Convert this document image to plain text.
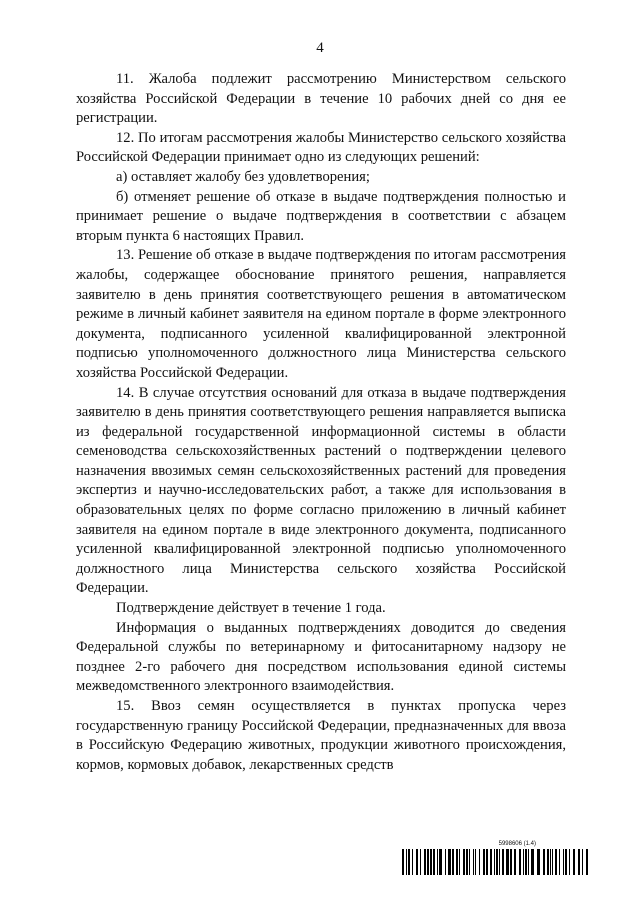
4

11. Жалоба подлежит рассмотрению Министерством сельского хозяйства Российской Федерации в течение 10 рабочих дней со дня ее регистрации.

12. По итогам рассмотрения жалобы Министерство сельского хозяйства Российской Федерации принимает одно из следующих решений:

а) оставляет жалобу без удовлетворения;

б) отменяет решение об отказе в выдаче подтверждения полностью и принимает решение о выдаче подтверждения в соответствии с абзацем вторым пункта 6 настоящих Правил.

13. Решение об отказе в выдаче подтверждения по итогам рассмотрения жалобы, содержащее обоснование принятого решения, направляется заявителю в день принятия соответствующего решения в автоматическом режиме в личный кабинет заявителя на едином портале в форме электронного документа, подписанного усиленной квалифицированной электронной подписью уполномоченного должностного лица Министерства сельского хозяйства Российской Федерации.

14. В случае отсутствия оснований для отказа в выдаче подтверждения заявителю в день принятия соответствующего решения направляется выписка из федеральной государственной информационной системы в области семеноводства сельскохозяйственных растений о подтверждении целевого назначения ввозимых семян сельскохозяйственных растений для проведения экспертиз и научно-исследовательских работ, а также для использования в образовательных целях по форме согласно приложению в личный кабинет заявителя на едином портале в виде электронного документа, подписанного усиленной квалифицированной электронной подписью уполномоченного должностного лица Министерства сельского хозяйства Российской Федерации.

Подтверждение действует в течение 1 года.

Информация о выданных подтверждениях доводится до сведения Федеральной службы по ветеринарному и фитосанитарному надзору не позднее 2-го рабочего дня посредством использования единой системы межведомственного электронного взаимодействия.

15. Ввоз семян осуществляется в пунктах пропуска через государственную границу Российской Федерации, предназначенных для ввоза в Российскую Федерацию животных, продукции животного происхождения, кормов, кормовых добавок, лекарственных средств

5998606 (1.4)
